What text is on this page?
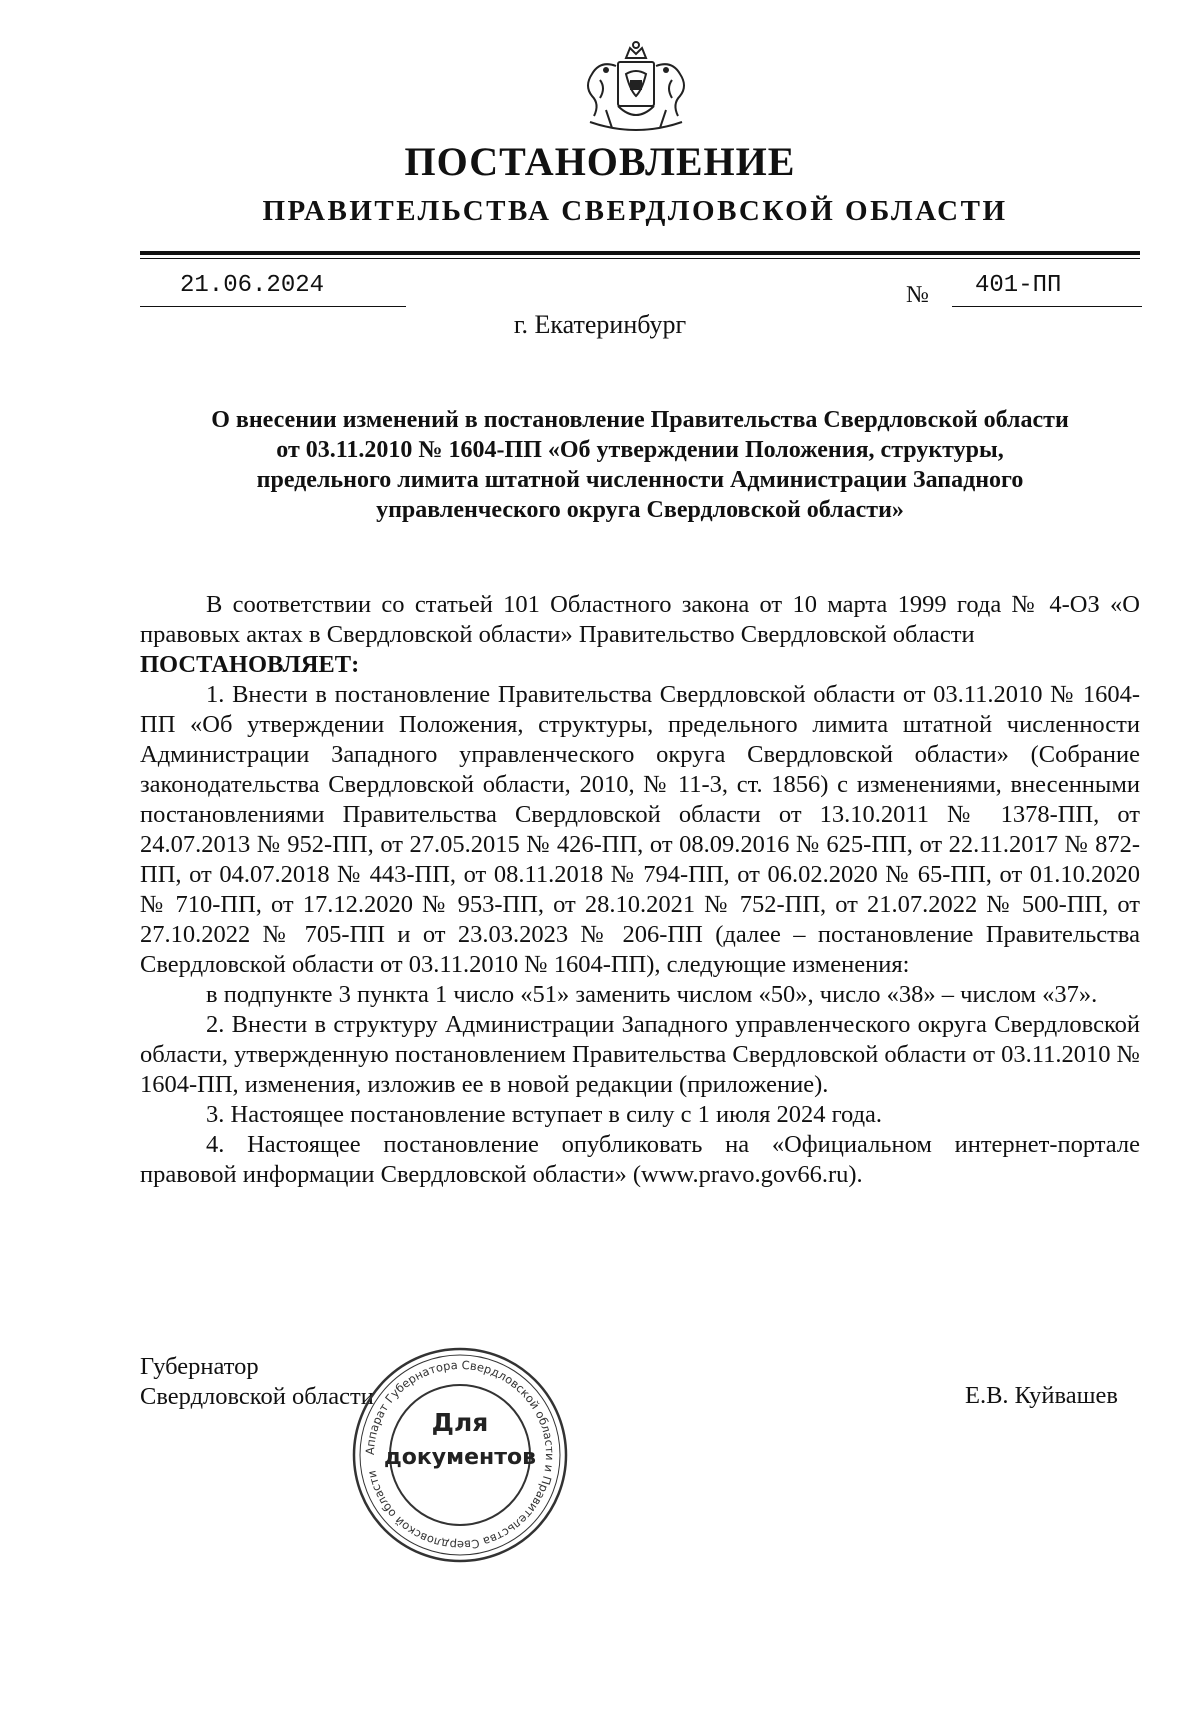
ПОСТАНОВЛЕНИЕ
ПРАВИТЕЛЬСТВА СВЕРДЛОВСКОЙ ОБЛАСТИ
21.06.2024	№ 401-ПП
г. Екатеринбург
О внесении изменений в постановление Правительства Свердловской области
от 03.11.2010 № 1604-ПП «Об утверждении Положения, структуры,
предельного лимита штатной численности Администрации Западного
управленческого округа Свердловской области»

В соответствии со статьей 101 Областного закона от 10 марта 1999 года № 4-ОЗ «О правовых актах в Свердловской области» Правительство Свердловской области

ПОСТАНОВЛЯЕТ:

1. Внести в постановление Правительства Свердловской области от 03.11.2010 № 1604-ПП «Об утверждении Положения, структуры, предельного лимита штатной численности Администрации Западного управленческого округа Свердловской области» (Собрание законодательства Свердловской области, 2010, № 11-3, ст. 1856) с изменениями, внесенными постановлениями Правительства Свердловской области от 13.10.2011 № 1378-ПП, от 24.07.2013 № 952-ПП, от 27.05.2015 № 426-ПП, от 08.09.2016 № 625-ПП, от 22.11.2017 № 872-ПП, от 04.07.2018 № 443-ПП, от 08.11.2018 № 794-ПП, от 06.02.2020 № 65-ПП, от 01.10.2020 № 710-ПП, от 17.12.2020 № 953-ПП, от 28.10.2021 № 752-ПП, от 21.07.2022 № 500-ПП, от 27.10.2022 № 705-ПП и от 23.03.2023 № 206-ПП (далее – постановление Правительства Свердловской области от 03.11.2010 № 1604-ПП), следующие изменения:

в подпункте 3 пункта 1 число «51» заменить числом «50», число «38» – числом «37».

2. Внести в структуру Администрации Западного управленческого округа Свердловской области, утвержденную постановлением Правительства Свердловской области от 03.11.2010 № 1604-ПП, изменения, изложив ее в новой редакции (приложение).

3. Настоящее постановление вступает в силу с 1 июля 2024 года.

4. Настоящее постановление опубликовать на «Официальном интернет-портале правовой информации Свердловской области» (www.pravo.gov66.ru).

Губернатор
Свердловской области	Е.В. Куйвашев
Аппарат Губернатора Свердловской области и Правительства Свердловской области
Для
документов
